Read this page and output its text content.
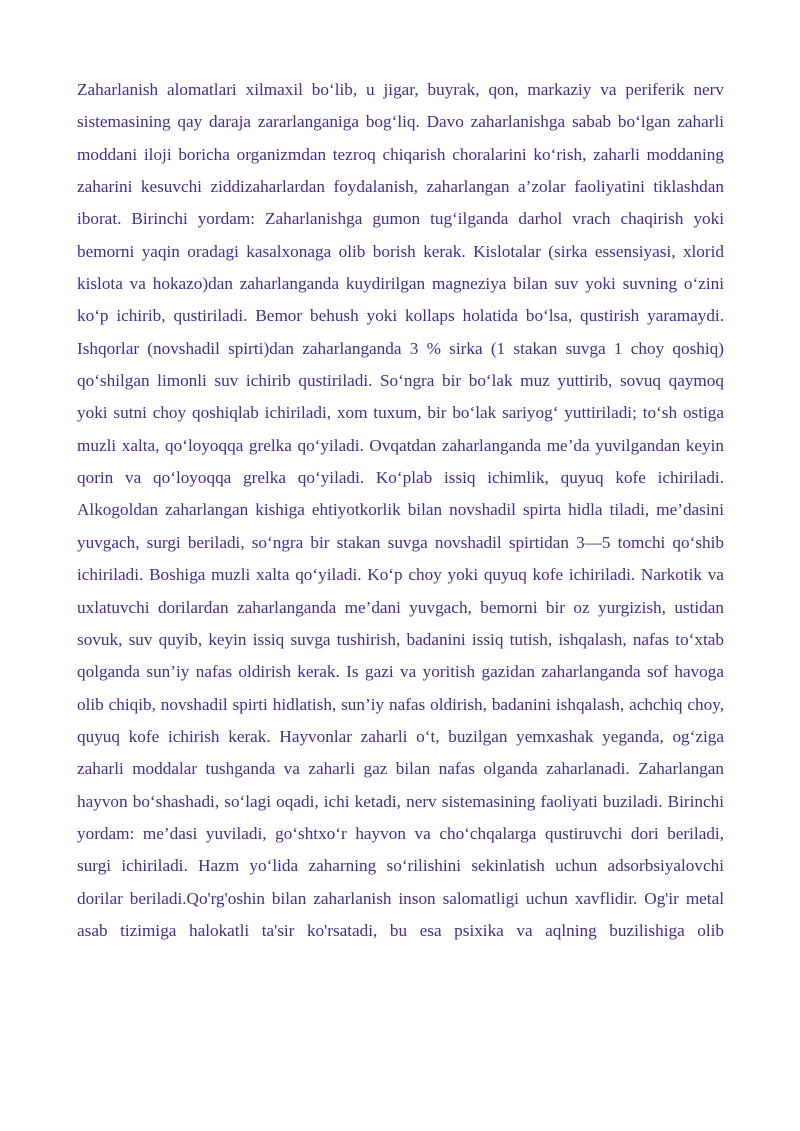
Zaharlanish alomatlari xilmaxil bo‘lib, u jigar, buyrak, qon, markaziy va periferik nerv sistemasining qay daraja zararlanganiga bog‘liq. Davo zaharlanishga sabab bo‘lgan zaharli moddani iloji boricha organizmdan tezroq chiqarish choralarini ko‘rish, zaharli moddaning zaharini kesuvchi ziddizaharlardan foydalanish, zaharlangan a’zolar faoliyatini tiklashdan iborat. Birinchi yordam: Zaharlanishga gumon tug‘ilganda darhol vrach chaqirish yoki bemorni yaqin oradagi kasalxonaga olib borish kerak. Kislotalar (sirka essensiyasi, xlorid kislota va hokazo)dan zaharlanganda kuydirilgan magneziya bilan suv yoki suvning o‘zini ko‘p ichirib, qustiriladi. Bemor behush yoki kollaps holatida bo‘lsa, qustirish yaramaydi. Ishqorlar (novshadil spirti)dan zaharlanganda 3 % sirka (1 stakan suvga 1 choy qoshiq) qo‘shilgan limonli suv ichirib qustiriladi. So‘ngra bir bo‘lak muz yuttirib, sovuq qaymoq yoki sutni choy qoshiqlab ichiriladi, xom tuxum, bir bo‘lak sariyog‘ yuttiriladi; to‘sh ostiga muzli xalta, qo‘loyoqqa grelka qo‘yiladi. Ovqatdan zaharlanganda me’da yuvilgandan keyin qorin va qo‘loyoqqa grelka qo‘yiladi. Ko‘plab issiq ichimlik, quyuq kofe ichiriladi. Alkogoldan zaharlangan kishiga ehtiyotkorlik bilan novshadil spirta hidla tiladi, me’dasini yuvgach, surgi beriladi, so‘ngra bir stakan suvga novshadil spirtidan 3—5 tomchi qo‘shib ichiriladi. Boshiga muzli xalta qo‘yiladi. Ko‘p choy yoki quyuq kofe ichiriladi. Narkotik va uxlatuvchi dorilardan zaharlanganda me’dani yuvgach, bemorni bir oz yurgizish, ustidan sovuk, suv quyib, keyin issiq suvga tushirish, badanini issiq tutish, ishqalash, nafas to‘xtab qolganda sun’iy nafas oldirish kerak. Is gazi va yoritish gazidan zaharlanganda sof havoga olib chiqib, novshadil spirti hidlatish, sun’iy nafas oldirish, badanini ishqalash, achchiq choy, quyuq kofe ichirish kerak. Hayvonlar zaharli o‘t, buzilgan yemxashak yeganda, og‘ziga zaharli moddalar tushganda va zaharli gaz bilan nafas olganda zaharlanadi. Zaharlangan hayvon bo‘shashadi, so‘lagi oqadi, ichi ketadi, nerv sistemasining faoliyati buziladi. Birinchi yordam: me’dasi yuviladi, go‘shtxo‘r hayvon va cho‘chqalarga qustiruvchi dori beriladi, surgi ichiriladi. Hazm yo‘lida zaharning so‘rilishini sekinlatish uchun adsorbsiyalovchi dorilar beriladi.Qo'rg'oshin bilan zaharlanish inson salomatligi uchun xavflidir. Og'ir metal asab tizimiga halokatli ta'sir ko'rsatadi, bu esa psixika va aqlning buzilishiga olib
